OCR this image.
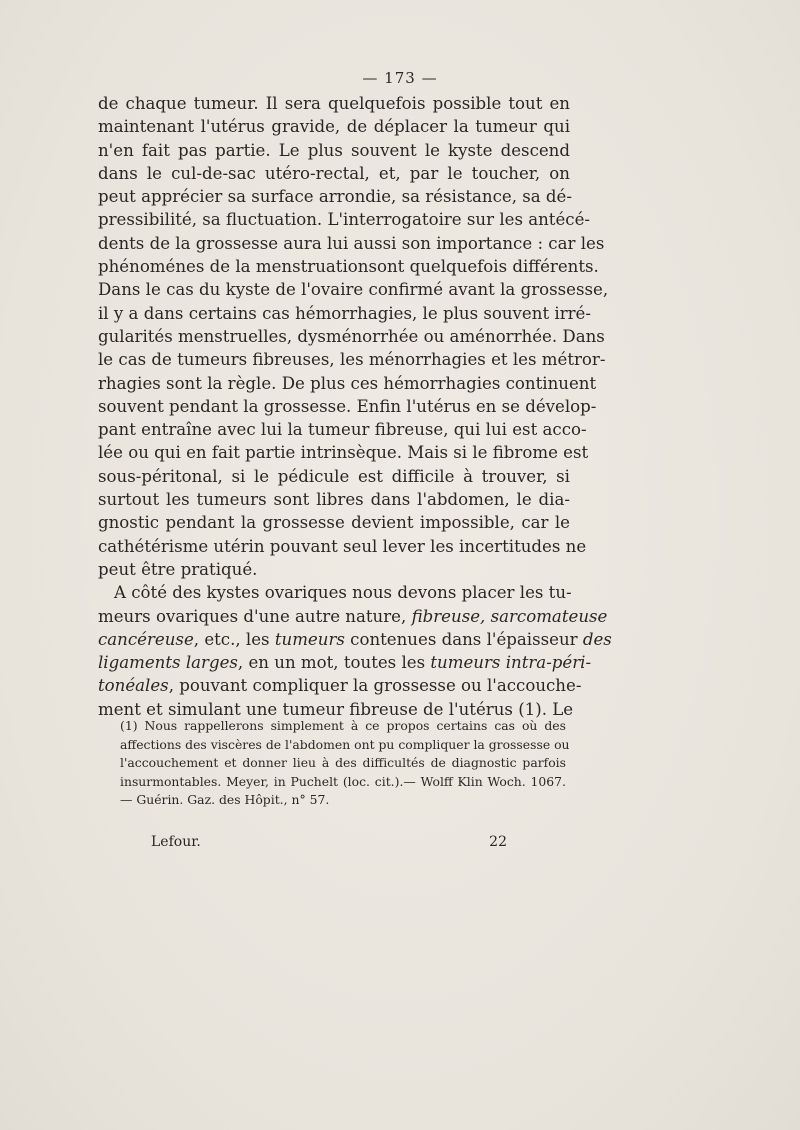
— 173 —
de chaque tumeur. Il sera quelquefois possible tout en
maintenant l'utérus gravide, de déplacer la tumeur qui
n'en fait pas partie. Le plus souvent le kyste descend
dans le cul-de-sac utéro-rectal, et, par le toucher, on
peut apprécier sa surface arrondie, sa résistance, sa dé-
pressibilité, sa fluctuation. L'interrogatoire sur les antécé-
dents de la grossesse aura lui aussi son importance : car les
phénoménes de la menstruationsont quelquefois différents.
Dans le cas du kyste de l'ovaire confirmé avant la grossesse,
il y a dans certains cas hémorrhagies, le plus souvent irré-
gularités menstruelles, dysménorrhée ou aménorrhée. Dans
le cas de tumeurs fibreuses, les ménorrhagies et les métror-
rhagies sont la règle. De plus ces hémorrhagies continuent
souvent pendant la grossesse. Enfin l'utérus en se dévelop-
pant entraîne avec lui la tumeur fibreuse, qui lui est acco-
lée ou qui en fait partie intrinsèque. Mais si le fibrome est
sous-péritonal, si le pédicule est difficile à trouver, si
surtout les tumeurs sont libres dans l'abdomen, le dia-
gnostic pendant la grossesse devient impossible, car le
cathétérisme utérin pouvant seul lever les incertitudes ne
peut être pratiqué.
A côté des kystes ovariques nous devons placer les tu-
meurs ovariques d'une autre nature, fibreuse, sarcomateuse
cancéreuse, etc., les tumeurs contenues dans l'épaisseur des
ligaments larges, en un mot, toutes les tumeurs intra-péri-
tonéales, pouvant compliquer la grossesse ou l'accouche-
ment et simulant une tumeur fibreuse de l'utérus (1). Le
(1) Nous rappellerons simplement à ce propos certains cas où des
affections des viscères de l'abdomen ont pu compliquer la grossesse ou
l'accouchement et donner lieu à des difficultés de diagnostic parfois
insurmontables. Meyer, in Puchelt (loc. cit.).— Wolff Klin Woch. 1067.
— Guérin. Gaz. des Hôpit., n° 57.
Lefour.	22
